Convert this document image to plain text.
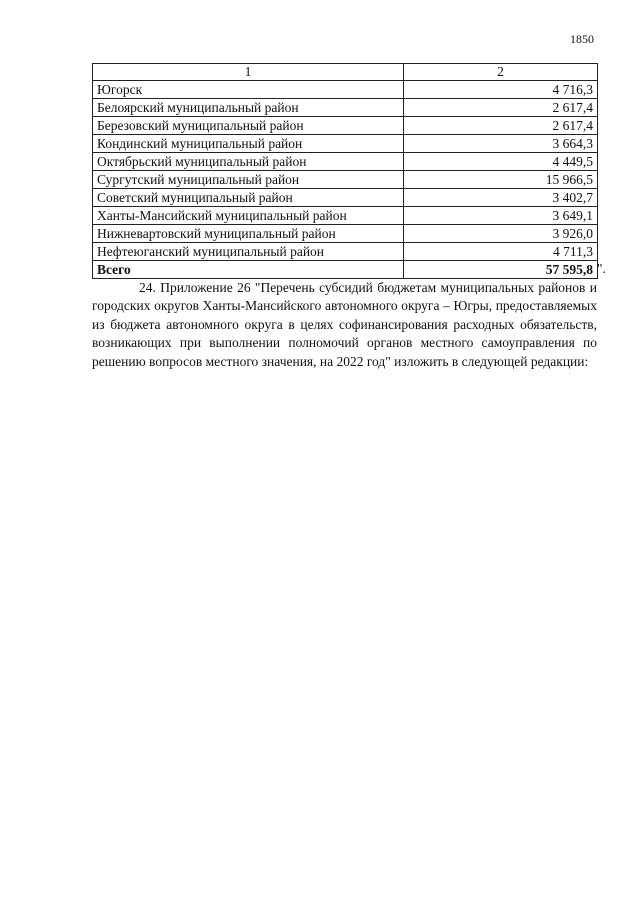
1850
1	2
Югорск	4 716,3
Белоярский муниципальный район	2 617,4
Березовский муниципальный район	2 617,4
Кондинский муниципальный район	3 664,3
Октябрьский муниципальный район	4 449,5
Сургутский муниципальный район	15 966,5
Советский муниципальный район	3 402,7
Ханты-Мансийский муниципальный район	3 649,1
Нижневартовский муниципальный район	3 926,0
Нефтеюганский муниципальный район	4 711,3
Всего	57 595,8 ".

24. Приложение 26 "Перечень субсидий бюджетам муниципальных районов и городских округов Ханты-Мансийского автономного округа – Югры, предоставляемых из бюджета автономного округа в целях софинансирования расходных обязательств, возникающих при выполнении полномочий органов местного самоуправления по решению вопросов местного значения, на 2022 год" изложить в следующей редакции:
